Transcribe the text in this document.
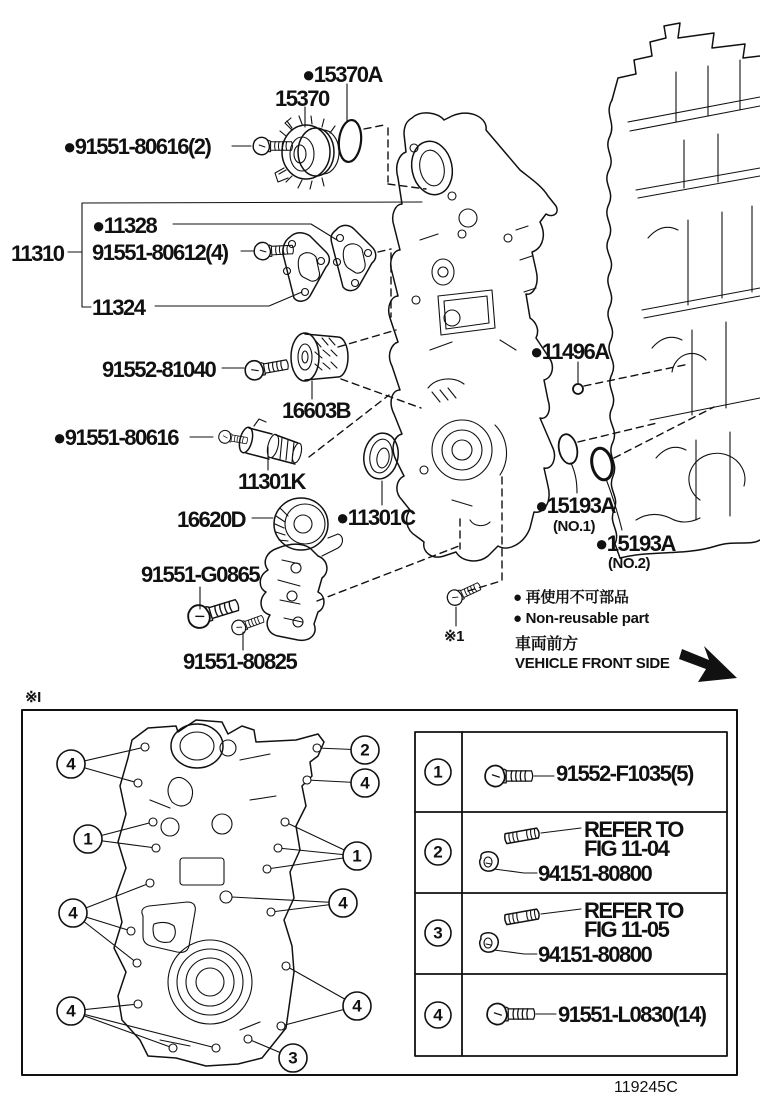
●15370A
15370
●91551-80616(2)
11310
●11328
91551-80612(4)
11324
91552-81040
16603B
●91551-80616
11301K
16620D	●11301C
91551-G0865
91551-80825
●11496A
●15193A
(NO.1)
●15193A
(NO.2)
※1
● 再使用不可部品
● Non-reusable part
車両前方
VEHICLE FRONT SIDE
※I
119245C
4
2
4
1
1
4
4
4	4
3
1
2
3
4
91552-F1035(5)
REFER TO
FIG 11-04
94151-80800
REFER TO
FIG 11-05
94151-80800
91551-L0830(14)
